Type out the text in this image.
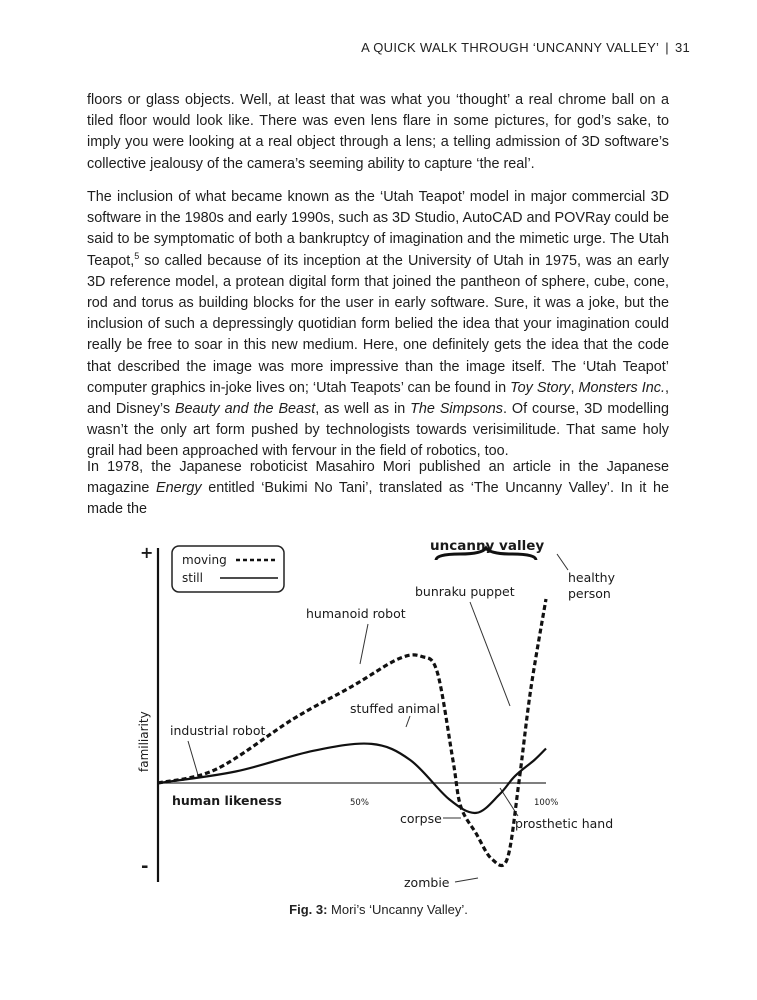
A QUICK WALK THROUGH ‘UNCANNY VALLEY’ | 31

floors or glass objects. Well, at least that was what you ‘thought’ a real chrome ball on a tiled floor would look like. There was even lens flare in some pictures, for god’s sake, to imply you were looking at a real object through a lens; a telling admission of 3D software’s collective jealousy of the camera’s seeming ability to capture ‘the real’.

The inclusion of what became known as the ‘Utah Teapot’ model in major commercial 3D software in the 1980s and early 1990s, such as 3D Studio, AutoCAD and POVRay could be said to be symptomatic of both a bankruptcy of imagination and the mimetic urge. The Utah Teapot,$^5$ so called because of its inception at the University of Utah in 1975, was an early 3D reference model, a protean digital form that joined the pantheon of sphere, cube, cone, rod and torus as building blocks for the user in early software. Sure, it was a joke, but the inclusion of such a depressingly quotidian form belied the idea that your imagination could really be free to soar in this new medium. Here, one definitely gets the idea that the code that described the image was more impressive than the image itself. The ‘Utah Teapot’ computer graphics in-joke lives on; ‘Utah Teapots’ can be found in Toy Story, Monsters Inc., and Disney’s Beauty and the Beast, as well as in The Simpsons. Of course, 3D modelling wasn’t the only art form pushed by technologists towards verisimilitude. That same holy grail had been approached with fervour in the field of robotics, too.

In 1978, the Japanese roboticist Masahiro Mori published an article in the Japanese magazine Energy entitled ‘Bukimi No Tani’, translated as ‘The Uncanny Valley’. In it he made the

+
-
familiarity
human likeness	50%	100%
moving
still
uncanny valley
healthy
person
bunraku puppet
humanoid robot
stuffed animal
industrial robot
corpse	prosthetic hand
zombie
Fig. 3: Mori’s ‘Uncanny Valley’.
